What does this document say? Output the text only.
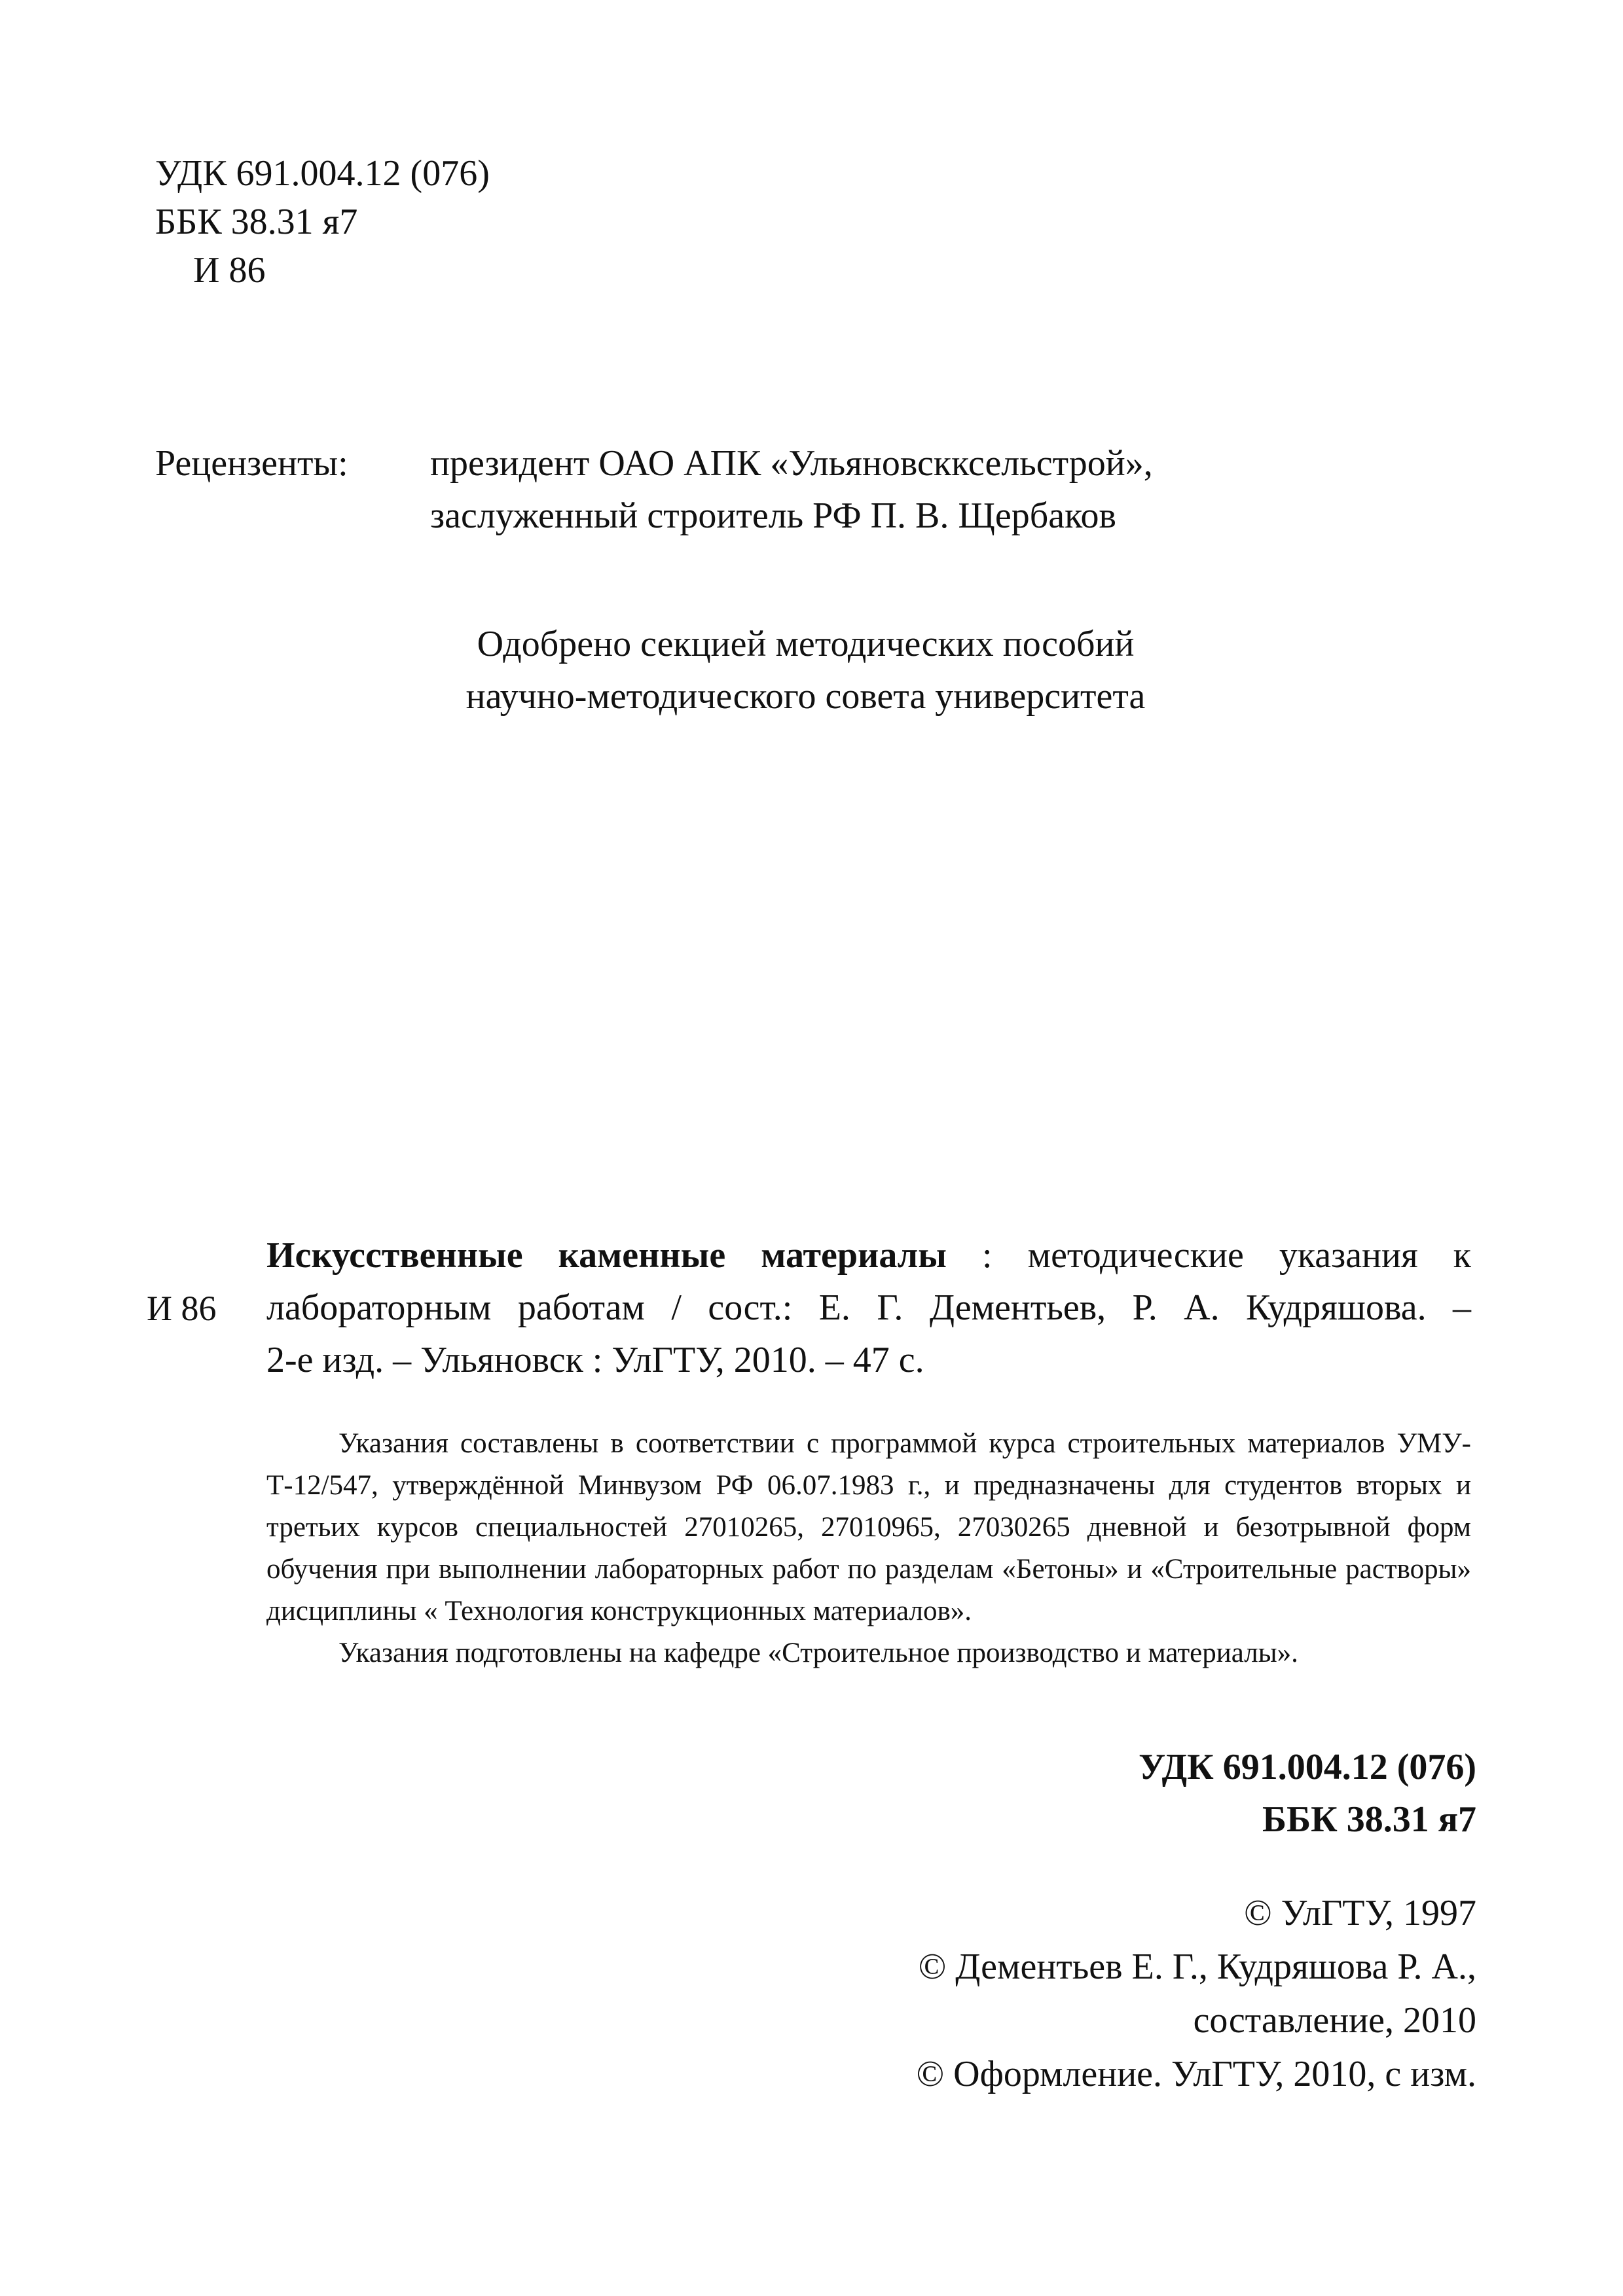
УДК 691.004.12 (076)
ББК 38.31 я7
И 86
Рецензенты: президент ОАО АПК «Ульяновскксельстрой»,
заслуженный строитель РФ П. В. Щербаков
Одобрено секцией методических пособий
научно-методического совета университета
И 86
Искусственные каменные материалы : методические указания к
лабораторным работам / сост.: Е. Г. Дементьев, Р. А. Кудряшова. –
2-е изд. – Ульяновск : УлГТУ, 2010. – 47 с.

Указания составлены в соответствии с программой курса строительных материалов УМУ-Т-12/547, утверждённой Минвузом РФ 06.07.1983 г., и предназначены для студентов вторых и третьих курсов специальностей 27010265, 27010965, 27030265 дневной и безотрывной форм обучения при выполнении лабораторных работ по разделам «Бетоны» и «Строительные растворы» дисциплины « Технология конструкционных материалов».

Указания подготовлены на кафедре «Строительное производство и материалы».

УДК 691.004.12 (076)
ББК 38.31 я7
© УлГТУ, 1997
© Дементьев Е. Г., Кудряшова Р. А.,
составление, 2010
© Оформление. УлГТУ, 2010, с изм.
